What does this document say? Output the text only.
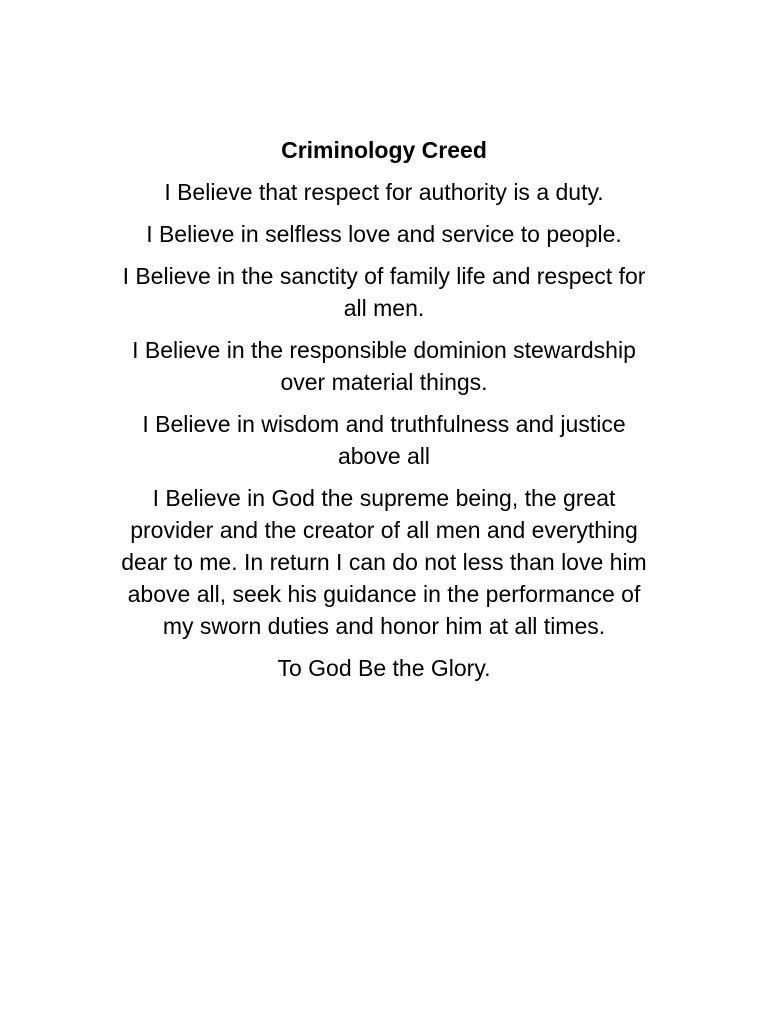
Criminology Creed

I Believe that respect for authority is a duty.

I Believe in selfless love and service to people.

I Believe in the sanctity of family life and respect for
all men.

I Believe in the responsible dominion stewardship
over material things.

I Believe in wisdom and truthfulness and justice
above all

I Believe in God the supreme being, the great
provider and the creator of all men and everything
dear to me. In return I can do not less than love him
above all, seek his guidance in the performance of
my sworn duties and honor him at all times.

To God Be the Glory.
